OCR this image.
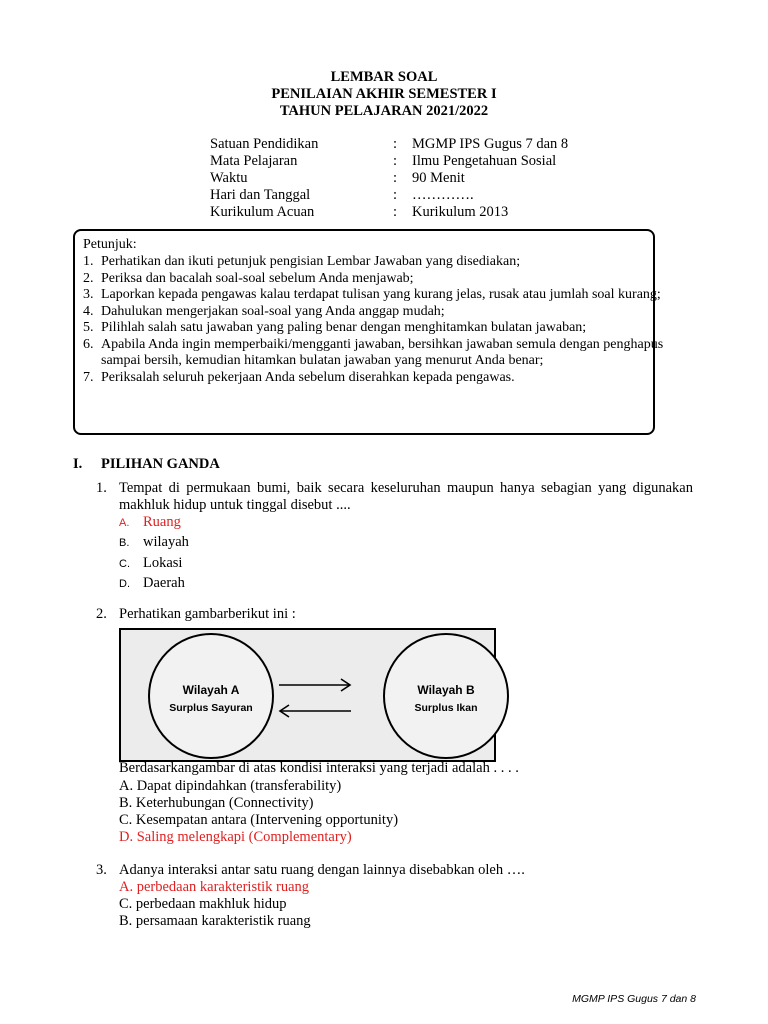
LEMBAR SOAL
PENILAIAN AKHIR SEMESTER I
TAHUN PELAJARAN 2021/2022
Satuan Pendidikan	: MGMP IPS Gugus 7 dan 8
Mata Pelajaran	: Ilmu Pengetahuan Sosial
Waktu	: 90 Menit
Hari dan Tanggal	: ………….
Kurikulum Acuan	: Kurikulum 2013
Petunjuk:
1. Perhatikan dan ikuti petunjuk pengisian Lembar Jawaban yang disediakan;
2. Periksa dan bacalah soal-soal sebelum Anda menjawab;
3. Laporkan kepada pengawas kalau terdapat tulisan yang kurang jelas, rusak atau jumlah soal kurang;
4. Dahulukan mengerjakan soal-soal yang Anda anggap mudah;
5. Pilihlah salah satu jawaban yang paling benar dengan menghitamkan bulatan jawaban;
6. Apabila Anda ingin memperbaiki/mengganti jawaban, bersihkan jawaban semula dengan penghapus sampai bersih, kemudian hitamkan bulatan jawaban yang menurut Anda benar;
7. Periksalah seluruh pekerjaan Anda sebelum diserahkan kepada pengawas.
I. PILIHAN GANDA
1. Tempat di permukaan bumi, baik secara keseluruhan maupun hanya sebagian yang digunakan makhluk hidup untuk tinggal disebut ....
A. Ruang
B. wilayah
C. Lokasi
D. Daerah
2. Perhatikan gambarberikut ini :
Wilayah A
Surplus Sayuran
Wilayah B
Surplus Ikan
Berdasarkangambar di atas kondisi interaksi yang terjadi adalah . . . .
A. Dapat dipindahkan (transferability)
B. Keterhubungan (Connectivity)
C. Kesempatan antara (Intervening opportunity)
D. Saling melengkapi (Complementary)
3. Adanya interaksi antar satu ruang dengan lainnya disebabkan oleh ….
A. perbedaan karakteristik ruang
C. perbedaan makhluk hidup
B. persamaan karakteristik ruang
MGMP IPS Gugus 7 dan 8
